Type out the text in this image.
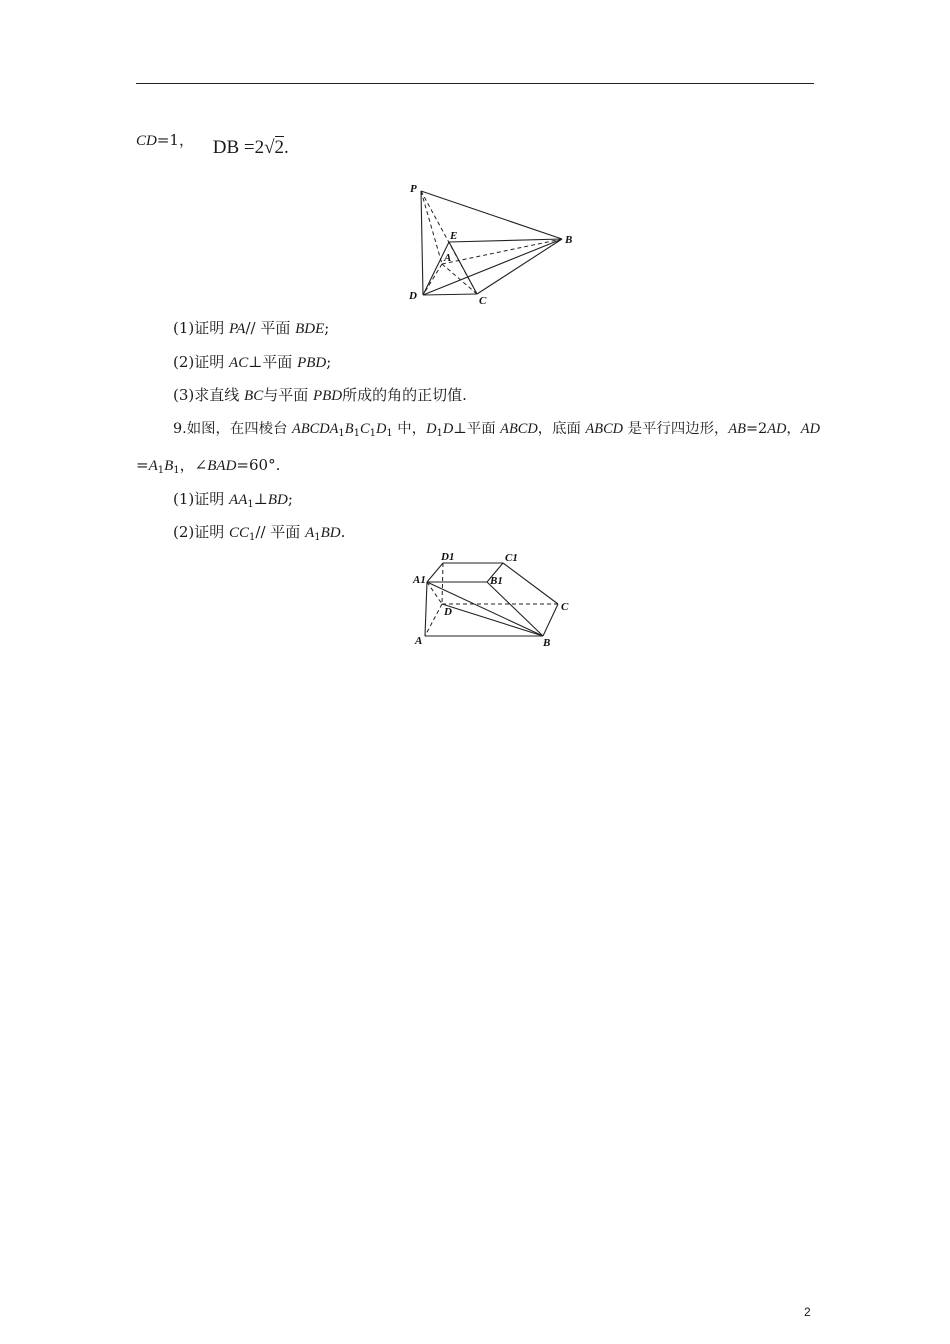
CD=1， DB =2√2.
P
E	B
A
D	C
(1)证明 PA// 平面 BDE;
(2)证明 AC⊥平面 PBD;
(3)求直线 BC与平面 PBD所成的角的正切值.
9.如图，在四棱台 $ABCDA_1B_1C_1D_1$ 中，$D_1D\perp$平面 ABCD，底面 ABCD 是平行四边形，AB=2AD，AD
$=A_1B_1$，∠BAD=60°.
(1)证明 $AA_1\perp BD$;
(2)证明 $CC_1//$ 平面 $A_1BD$.
D1	C1
A1	B1
D	C
A	B
2
